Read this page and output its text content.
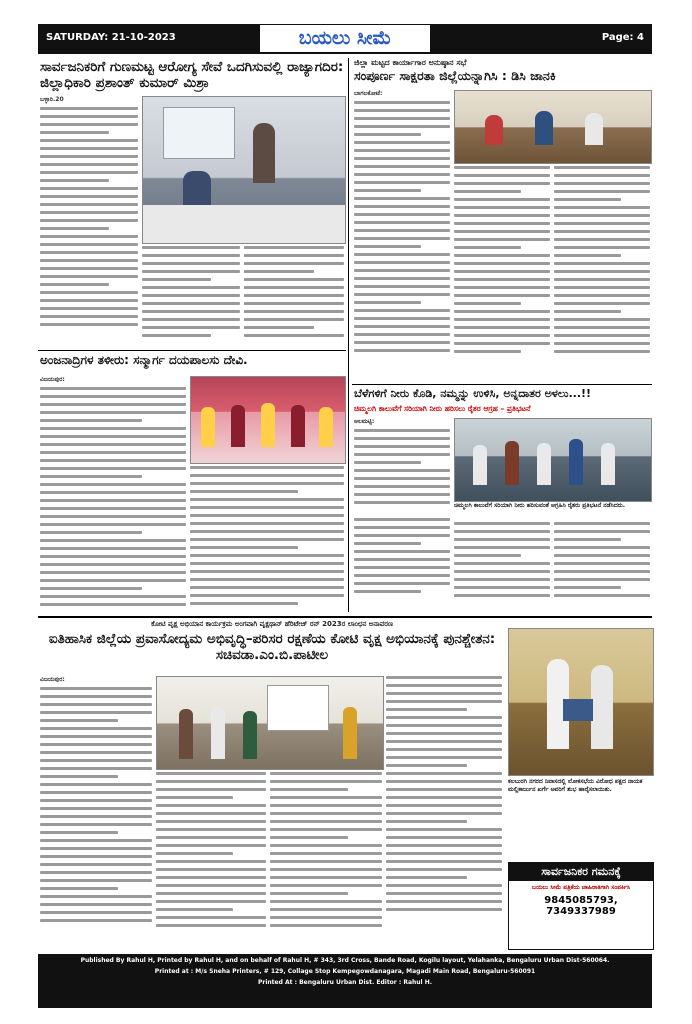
SATURDAY: 21-10-2023	ಬಯಲು ಸೀಮೆ	Page: 4
ಸಾರ್ವಜನಿಕರಿಗೆ ಗುಣಮಟ್ಟ ಆರೋಗ್ಯ ಸೇವೆ ಒದಗಿಸುವಲ್ಲಿ ರಾಜ್ಯಾಗದಿರ: ಜಿಲ್ಲಾಧಿಕಾರಿ ಪ್ರಶಾಂತ್ ಕುಮಾರ್ ಮಿಶ್ರಾ

ಬಳ್ಳಾರಿ.20

ಜಿಲ್ಲಾ ಮಟ್ಟದ ಕಾರ್ಯಾಗಾರ ಅನುಷ್ಠಾನ ಸಭೆ
ಸಂಪೂರ್ಣ ಸಾಕ್ಷರತಾ ಜಿಲ್ಲೆಯನ್ನಾಗಿಸಿ : ಡಿಸಿ ಜಾನಕಿ

ಬಾಗಲಕೋಟೆ:

ಅಂಜನಾದ್ರಿಗಳ ತಳೀರು: ಸನ್ಮಾರ್ಗ ದಯಪಾಲಸು ದೇವಿ.

ವಿಜಯಪುರ:

ಬೆಳೆಗಳಿಗೆ ನೀರು ಕೊಡಿ, ನಮ್ಮನ್ನು ಉಳಿಸಿ, ಅನ್ನದಾತರ ಅಳಲು...!!
ಚಿಮ್ಮಲಗಿ ಕಾಲುವೆಗೆ ಸರಿಯಾಗಿ ನೀರು ಹರಿಸಲು ರೈತರ ಆಗ್ರಹ – ಪ್ರತಿಭಟನೆ

ಆಲಮಟ್ಟಿ:

ಚಿಮ್ಮಲಗಿ ಕಾಲುವೆಗೆ ಸರಿಯಾಗಿ ನೀರು ಹರಿಸುವಂತೆ ಆಗ್ರಹಿಸಿ ರೈತರು ಪ್ರತಿಭಟನೆ ನಡೆಸಿದರು.
ಕೋಟಿ ವೃಕ್ಷ ಅಭಿಯಾನ ಕಾರ್ಯಕ್ರಮ ಅಂಗವಾಗಿ ವೃಕ್ಷಥಾನ್ ಹೆರಿಟೇಜ್ ರನ್ 2023ರ ಲಾಂಛನ ಅನಾವರಣ
ಐತಿಹಾಸಿಕ ಜಿಲ್ಲೆಯ ಪ್ರವಾಸೋದ್ಯಮ ಅಭಿವೃದ್ಧಿ–ಪರಿಸರ ರಕ್ಷಣೆಯ ಕೋಟಿ ವೃಕ್ಷ ಅಭಿಯಾನಕ್ಕೆ ಪುನಶ್ಚೇತನ: ಸಚಿವಡಾ.ಎಂ.ಬಿ.ಪಾಟೀಲ

ವಿಜಯಪುರ:

ಕಲಬುರಗಿ ನಗರದ ನಿವಾಸದಲ್ಲಿ ಲೋಕಸಭೆಯ ವಿರೋಧ ಪಕ್ಷದ ನಾಯಕ ಮಲ್ಲಿಕಾರ್ಜುನ ಖರ್ಗೆ ಅವರಿಗೆ ಶುಭ ಹಾರೈಸಲಾಯಿತು.
ಸಾರ್ವಜನಿಕರ ಗಮನಕ್ಕೆ
ಬಯಲು ಸೀಮೆ ಪತ್ರಿಕೆಯ ಜಾಹಿರಾತಿಗಾಗಿ ಸಂಪರ್ಕಿಸಿ
9845085793, 7349337989
Published By Rahul H, Printed by Rahul H, and on behalf of Rahul H, # 343, 3rd Cross, Bande Road, Kogilu layout, Yelahanka, Bengaluru Urban Dist-560064.
Printed at : M/s Sneha Printers, # 129, Collage Stop Kempegowdanagara, Magadi Main Road, Bengaluru-560091
Printed At : Bengaluru Urban Dist. Editor : Rahul H.
